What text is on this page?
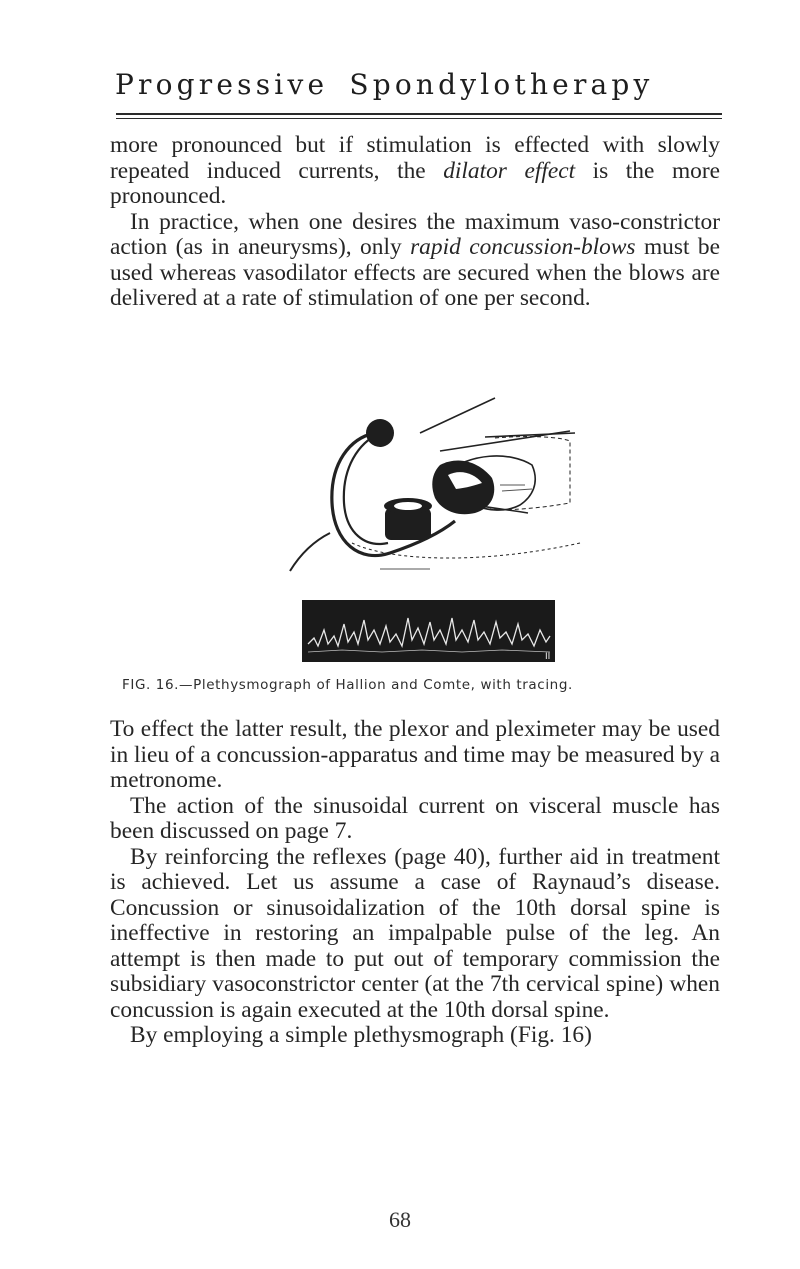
Progressive Spondylotherapy

more pronounced but if stimulation is effected with slowly repeated induced currents, the dilator effect is the more pronounced.

In practice, when one desires the maximum vaso-constrictor action (as in aneurysms), only rapid concussion-blows must be used whereas vasodilator effects are secured when the blows are delivered at a rate of stimulation of one per second.

II
FIG. 16.—Plethysmograph of Hallion and Comte, with tracing.

To effect the latter result, the plexor and pleximeter may be used in lieu of a concussion-apparatus and time may be measured by a metronome.

The action of the sinusoidal current on visceral muscle has been discussed on page 7.

By reinforcing the reflexes (page 40), further aid in treatment is achieved. Let us assume a case of Raynaud’s disease. Concussion or sinusoidalization of the 10th dorsal spine is ineffective in restoring an impalpable pulse of the leg. An attempt is then made to put out of temporary commission the subsidiary vasoconstrictor center (at the 7th cervical spine) when concussion is again executed at the 10th dorsal spine.

By employing a simple plethysmograph (Fig. 16)

68
